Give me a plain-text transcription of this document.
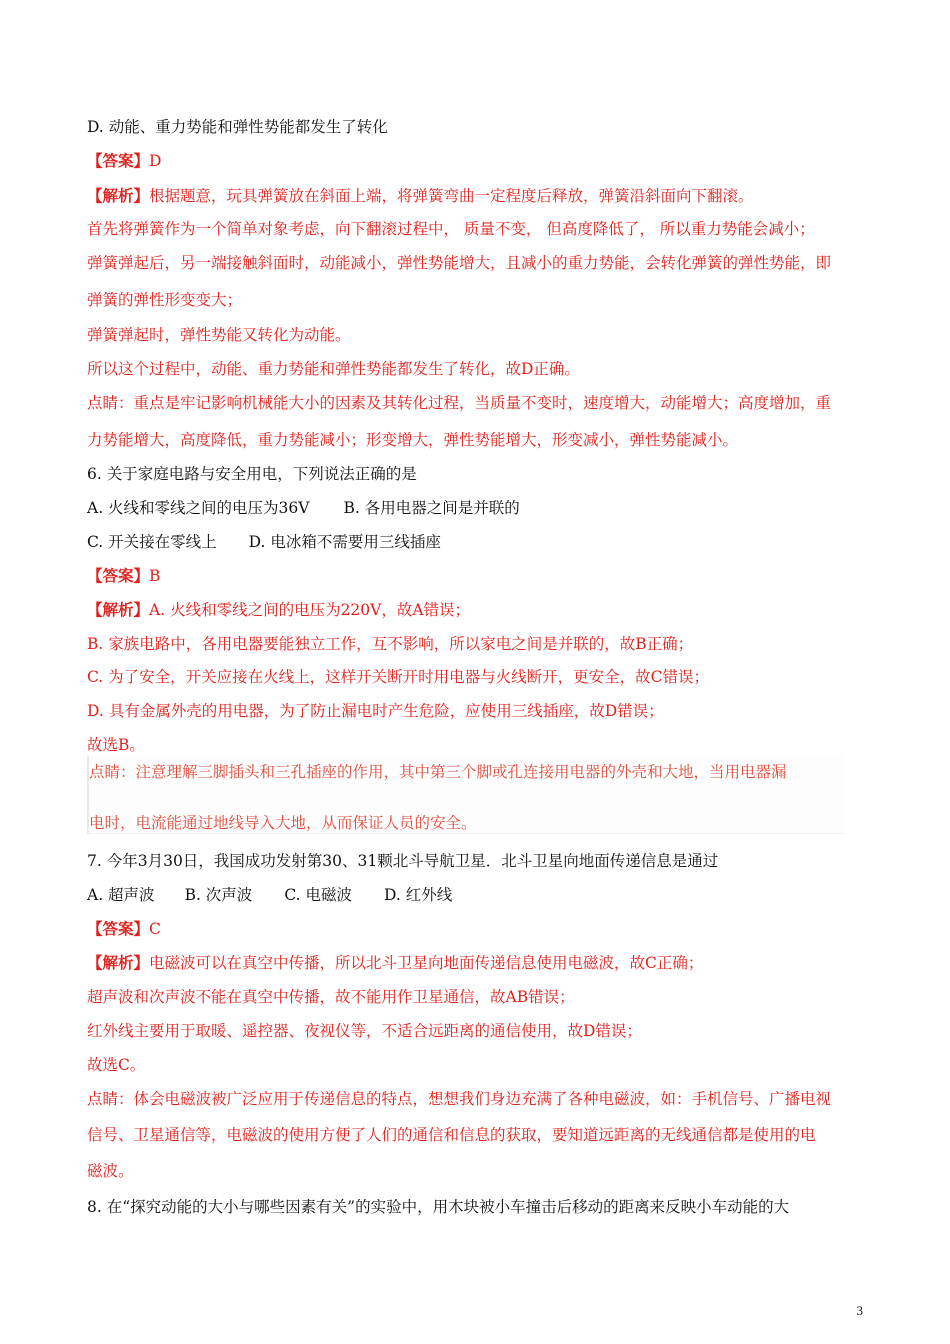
D. 动能、重力势能和弹性势能都发生了转化
【答案】D
【解析】根据题意，玩具弹簧放在斜面上端，将弹簧弯曲一定程度后释放，弹簧沿斜面向下翻滚。
首先将弹簧作为一个简单对象考虑，向下翻滚过程中， 质量不变， 但高度降低了， 所以重力势能会减小；
弹簧弹起后，另一端接触斜面时，动能减小，弹性势能增大，且减小的重力势能，会转化弹簧的弹性势能，即
弹簧的弹性形变变大；
弹簧弹起时，弹性势能又转化为动能。
所以这个过程中，动能、重力势能和弹性势能都发生了转化，故D正确。
点睛：重点是牢记影响机械能大小的因素及其转化过程，当质量不变时，速度增大，动能增大；高度增加，重
力势能增大，高度降低，重力势能减小；形变增大，弹性势能增大，形变减小，弹性势能减小。
6. 关于家庭电路与安全用电，下列说法正确的是
A. 火线和零线之间的电压为36V B. 各用电器之间是并联的
C. 开关接在零线上 D. 电冰箱不需要用三线插座
【答案】B
【解析】A. 火线和零线之间的电压为220V，故A错误；
B. 家族电路中，各用电器要能独立工作，互不影响，所以家电之间是并联的，故B正确；
C. 为了安全，开关应接在火线上，这样开关断开时用电器与火线断开，更安全，故C错误；
D. 具有金属外壳的用电器，为了防止漏电时产生危险，应使用三线插座，故D错误；
故选B。
点睛：注意理解三脚插头和三孔插座的作用，其中第三个脚或孔连接用电器的外壳和大地，当用电器漏
电时，电流能通过地线导入大地，从而保证人员的安全。
7. 今年3月30日，我国成功发射第30、31颗北斗导航卫星．北斗卫星向地面传递信息是通过
A. 超声波 B. 次声波 C. 电磁波 D. 红外线
【答案】C
【解析】电磁波可以在真空中传播，所以北斗卫星向地面传递信息使用电磁波，故C正确；
超声波和次声波不能在真空中传播，故不能用作卫星通信，故AB错误；
红外线主要用于取暖、遥控器、夜视仪等，不适合远距离的通信使用，故D错误；
故选C。
点睛：体会电磁波被广泛应用于传递信息的特点，想想我们身边充满了各种电磁波，如：手机信号、广播电视
信号、卫星通信等，电磁波的使用方便了人们的通信和信息的获取，要知道远距离的无线通信都是使用的电
磁波。
8. 在“探究动能的大小与哪些因素有关”的实验中，用木块被小车撞击后移动的距离来反映小车动能的大
3
